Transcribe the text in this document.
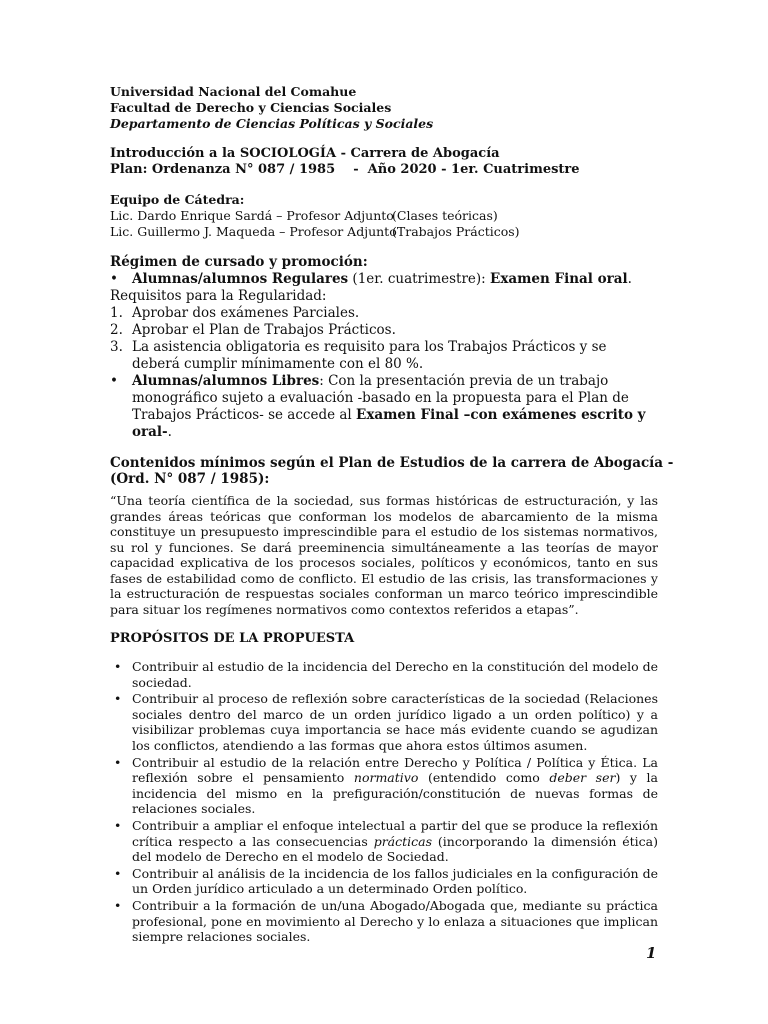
Universidad Nacional del Comahue
Facultad de Derecho y Ciencias Sociales
Departamento de Ciencias Políticas y Sociales
Introducción a la SOCIOLOGÍA - Carrera de Abogacía
Plan: Ordenanza N° 087 / 1985    -  Año 2020 - 1er. Cuatrimestre
Equipo de Cátedra:
Lic. Dardo Enrique Sardá – Profesor Adjunto
(Clases teóricas)
Lic. Guillermo J. Maqueda – Profesor Adjunto
(Trabajos Prácticos)
Régimen de cursado y promoción:
•	Alumnas/alumnos Regulares (1er. cuatrimestre): Examen Final oral.
Requisitos para la Regularidad:
1. Aprobar dos exámenes Parciales.
2. Aprobar el Plan de Trabajos Prácticos.
3. La asistencia obligatoria es requisito para los Trabajos Prácticos y se deberá cumplir mínimamente con el 80 %.
•	Alumnas/alumnos Libres: Con la presentación previa de un trabajo monográfico sujeto a evaluación -basado en la propuesta para el Plan de Trabajos Prácticos- se accede al Examen Final –con exámenes escrito y oral-.
Contenidos mínimos según el Plan de Estudios de la carrera de Abogacía -
(Ord. N° 087 / 1985):
“Una teoría científica de la sociedad, sus formas históricas de estructuración, y las grandes áreas teóricas que conforman los modelos de abarcamiento de la misma constituye un presupuesto imprescindible para el estudio de los sistemas normativos, su rol y funciones. Se dará preeminencia simultáneamente a las teorías de mayor capacidad explicativa de los procesos sociales, políticos y económicos, tanto en sus fases de estabilidad como de conflicto. El estudio de las crisis, las transformaciones y la estructuración de respuestas sociales conforman un marco teórico imprescindible para situar los regímenes normativos como contextos referidos a etapas”.
PROPÓSITOS DE LA PROPUESTA
• Contribuir al estudio de la incidencia del Derecho en la constitución del modelo de sociedad.
• Contribuir al proceso de reflexión sobre características de la sociedad (Relaciones sociales dentro del marco de un orden jurídico ligado a un orden político) y a visibilizar problemas cuya importancia se hace más evidente cuando se agudizan los conflictos, atendiendo a las formas que ahora estos últimos asumen.
• Contribuir al estudio de la relación entre Derecho y Política / Política y Ética. La reflexión sobre el pensamiento normativo (entendido como deber ser) y la incidencia del mismo en la prefiguración/constitución de nuevas formas de relaciones sociales.
• Contribuir a ampliar el enfoque intelectual a partir del que se produce la reflexión crítica respecto a las consecuencias prácticas (incorporando la dimensión ética) del modelo de Derecho en el modelo de Sociedad.
• Contribuir al análisis de la incidencia de los fallos judiciales en la configuración de un Orden jurídico articulado a un determinado Orden político.
• Contribuir a la formación de un/una Abogado/Abogada que, mediante su práctica profesional, pone en movimiento al Derecho y lo enlaza a situaciones que implican siempre relaciones sociales.
1
